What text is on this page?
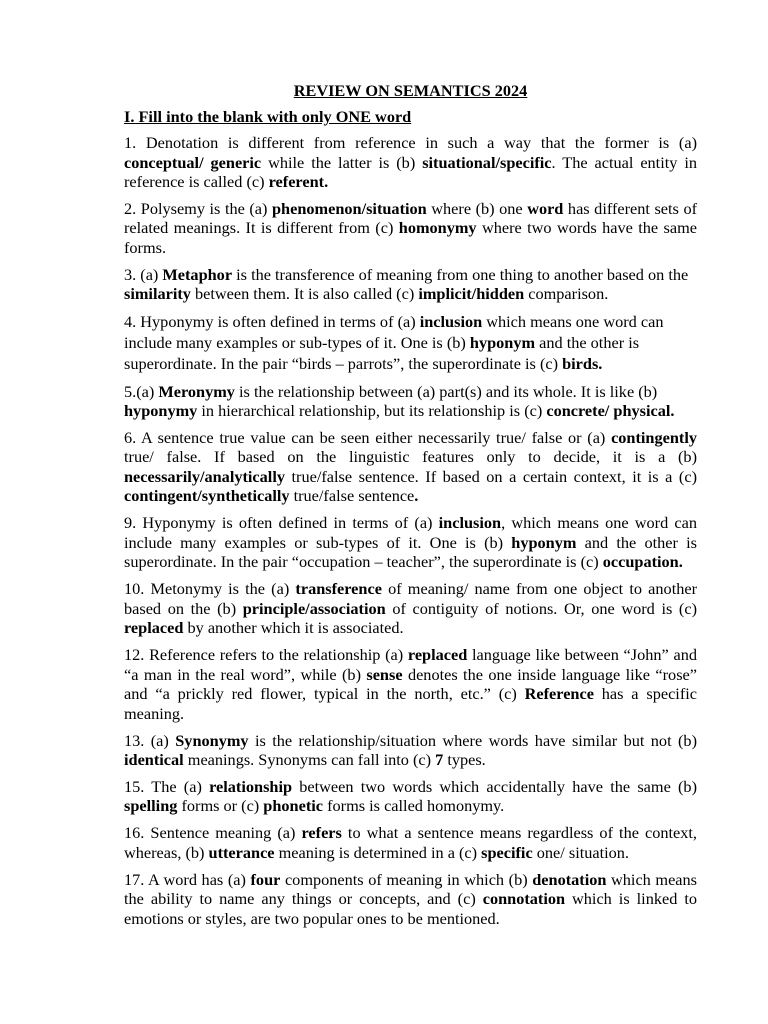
REVIEW ON SEMANTICS 2024
I. Fill into the blank with only ONE word

1. Denotation is different from reference in such a way that the former is (a) conceptual/ generic while the latter is (b) situational/specific. The actual entity in reference is called (c) referent.

2. Polysemy is the (a) phenomenon/situation where (b) one word has different sets of related meanings. It is different from (c) homonymy where two words have the same forms.

3. (a) Metaphor is the transference of meaning from one thing to another based on the similarity between them. It is also called (c) implicit/hidden comparison.

4. Hyponymy is often defined in terms of (a) inclusion which means one word can include many examples or sub-types of it. One is (b) hyponym and the other is superordinate. In the pair “birds – parrots”, the superordinate is (c) birds.

5.(a) Meronymy is the relationship between (a) part(s) and its whole. It is like (b) hyponymy in hierarchical relationship, but its relationship is (c) concrete/ physical.

6. A sentence true value can be seen either necessarily true/ false or (a) contingently true/ false. If based on the linguistic features only to decide, it is a (b) necessarily/analytically true/false sentence. If based on a certain context, it is a (c) contingent/synthetically true/false sentence.

9. Hyponymy is often defined in terms of (a) inclusion, which means one word can include many examples or sub-types of it. One is (b) hyponym and the other is superordinate. In the pair “occupation – teacher”, the superordinate is (c) occupation.

10. Metonymy is the (a) transference of meaning/ name from one object to another based on the (b) principle/association of contiguity of notions. Or, one word is (c) replaced by another which it is associated.

12. Reference refers to the relationship (a) replaced language like between “John” and “a man in the real word”, while (b) sense denotes the one inside language like “rose” and “a prickly red flower, typical in the north, etc.” (c) Reference has a specific meaning.

13. (a) Synonymy is the relationship/situation where words have similar but not (b) identical meanings. Synonyms can fall into (c) 7 types.

15. The (a) relationship between two words which accidentally have the same (b) spelling forms or (c) phonetic forms is called homonymy.

16. Sentence meaning (a) refers to what a sentence means regardless of the context, whereas, (b) utterance meaning is determined in a (c) specific one/ situation.

17. A word has (a) four components of meaning in which (b) denotation which means the ability to name any things or concepts, and (c) connotation which is linked to emotions or styles, are two popular ones to be mentioned.
